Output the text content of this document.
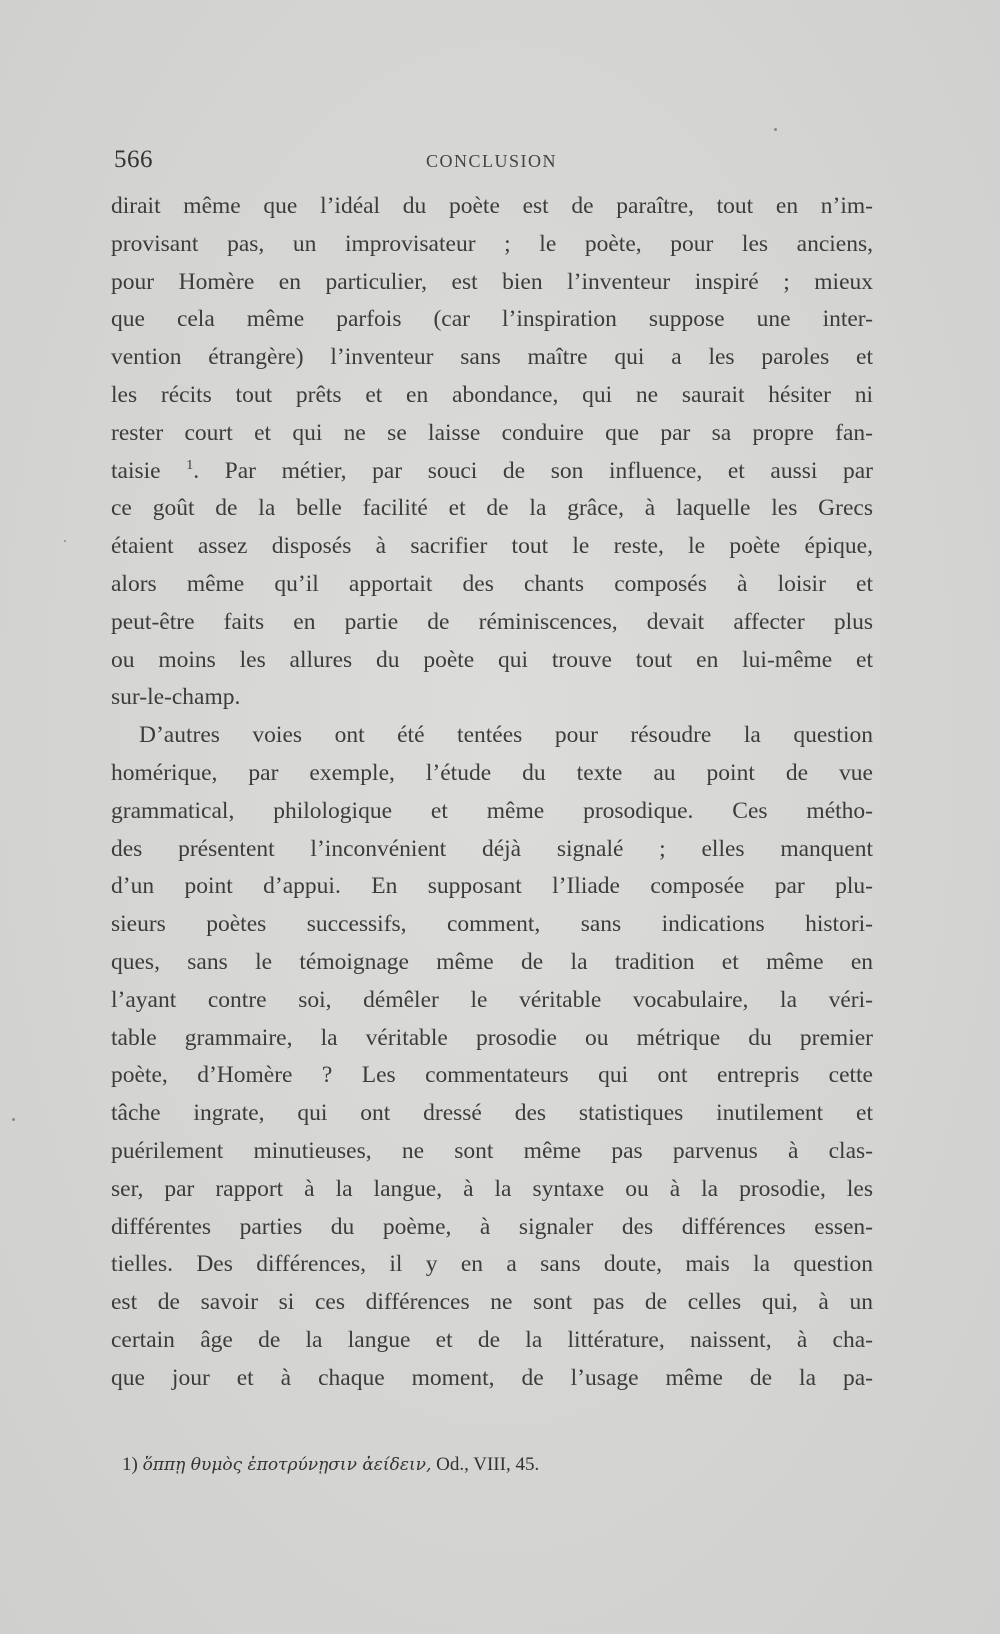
566	CONCLUSION
dirait même que l’idéal du poète est de paraître, tout en n’im-
provisant pas, un improvisateur ; le poète, pour les anciens,
pour Homère en particulier, est bien l’inventeur inspiré ; mieux
que cela même parfois (car l’inspiration suppose une inter-
vention étrangère) l’inventeur sans maître qui a les paroles et
les récits tout prêts et en abondance, qui ne saurait hésiter ni
rester court et qui ne se laisse conduire que par sa propre fan-
taisie $^1$. Par métier, par souci de son influence, et aussi par
ce goût de la belle facilité et de la grâce, à laquelle les Grecs
étaient assez disposés à sacrifier tout le reste, le poète épique,
alors même qu’il apportait des chants composés à loisir et
peut-être faits en partie de réminiscences, devait affecter plus
ou moins les allures du poète qui trouve tout en lui-même et
sur-le-champ.
D’autres voies ont été tentées pour résoudre la question
homérique, par exemple, l’étude du texte au point de vue
grammatical, philologique et même prosodique. Ces métho-
des présentent l’inconvénient déjà signalé ; elles manquent
d’un point d’appui. En supposant l’Iliade composée par plu-
sieurs poètes successifs, comment, sans indications histori-
ques, sans le témoignage même de la tradition et même en
l’ayant contre soi, démêler le véritable vocabulaire, la véri-
table grammaire, la véritable prosodie ou métrique du premier
poète, d’Homère ? Les commentateurs qui ont entrepris cette
tâche ingrate, qui ont dressé des statistiques inutilement et
puérilement minutieuses, ne sont même pas parvenus à clas-
ser, par rapport à la langue, à la syntaxe ou à la prosodie, les
différentes parties du poème, à signaler des différences essen-
tielles. Des différences, il y en a sans doute, mais la question
est de savoir si ces différences ne sont pas de celles qui, à un
certain âge de la langue et de la littérature, naissent, à cha-
que jour et à chaque moment, de l’usage même de la pa-
1) ὅππῃ θυμὸς ἐποτρύνῃσιν ἀείδειν, Od., VIII, 45.
